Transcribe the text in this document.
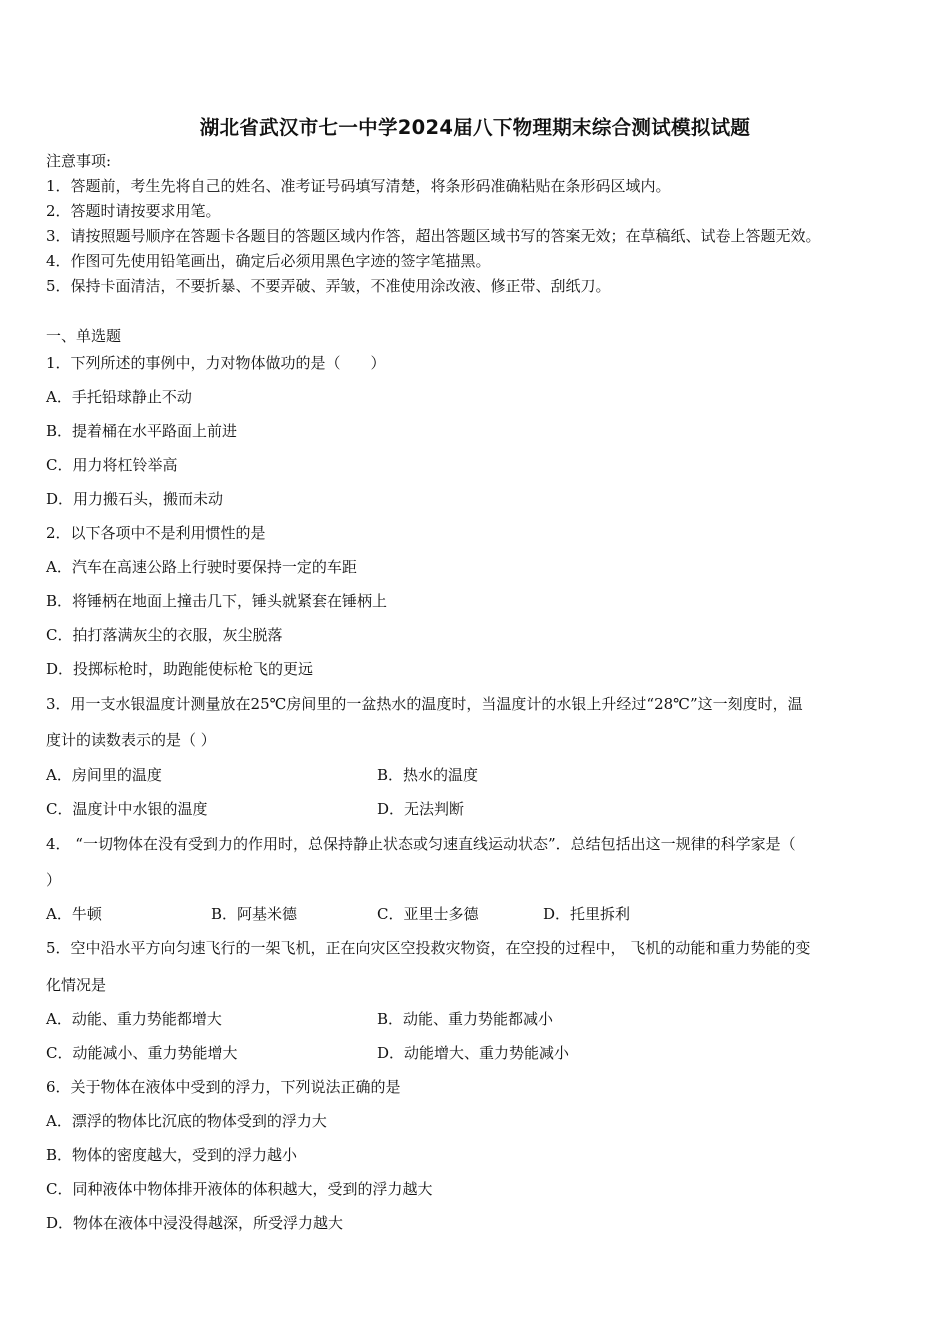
湖北省武汉市七一中学2024届八下物理期末综合测试模拟试题
注意事项:
1．答题前，考生先将自己的姓名、准考证号码填写清楚，将条形码准确粘贴在条形码区域内。
2．答题时请按要求用笔。
3．请按照题号顺序在答题卡各题目的答题区域内作答，超出答题区域书写的答案无效；在草稿纸、试卷上答题无效。
4．作图可先使用铅笔画出，确定后必须用黑色字迹的签字笔描黑。
5．保持卡面清洁，不要折暴、不要弄破、弄皱，不准使用涂改液、修正带、刮纸刀。
一、单选题
1．下列所述的事例中，力对物体做功的是（　　）
A．手托铅球静止不动
B．提着桶在水平路面上前进
C．用力将杠铃举高
D．用力搬石头，搬而未动
2．以下各项中不是利用惯性的是
A．汽车在高速公路上行驶时要保持一定的车距
B．将锤柄在地面上撞击几下，锤头就紧套在锤柄上
C．拍打落满灰尘的衣服，灰尘脱落
D．投掷标枪时，助跑能使标枪飞的更远
3．用一支水银温度计测量放在25℃房间里的一盆热水的温度时，当温度计的水银上升经过“28℃”这一刻度时，温
度计的读数表示的是（ ）
A．房间里的温度	B．热水的温度
C．温度计中水银的温度	D．无法判断
4． “一切物体在没有受到力的作用时，总保持静止状态或匀速直线运动状态”．总结包括出这一规律的科学家是（
）
A．牛顿	B．阿基米德	C．亚里士多德	D．托里拆利
5．空中沿水平方向匀速飞行的一架飞机，正在向灾区空投救灾物资，在空投的过程中， 飞机的动能和重力势能的变
化情况是
A．动能、重力势能都增大	B．动能、重力势能都减小
C．动能减小、重力势能增大	D．动能增大、重力势能减小
6．关于物体在液体中受到的浮力，下列说法正确的是
A．漂浮的物体比沉底的物体受到的浮力大
B．物体的密度越大，受到的浮力越小
C．同种液体中物体排开液体的体积越大，受到的浮力越大
D．物体在液体中浸没得越深，所受浮力越大
